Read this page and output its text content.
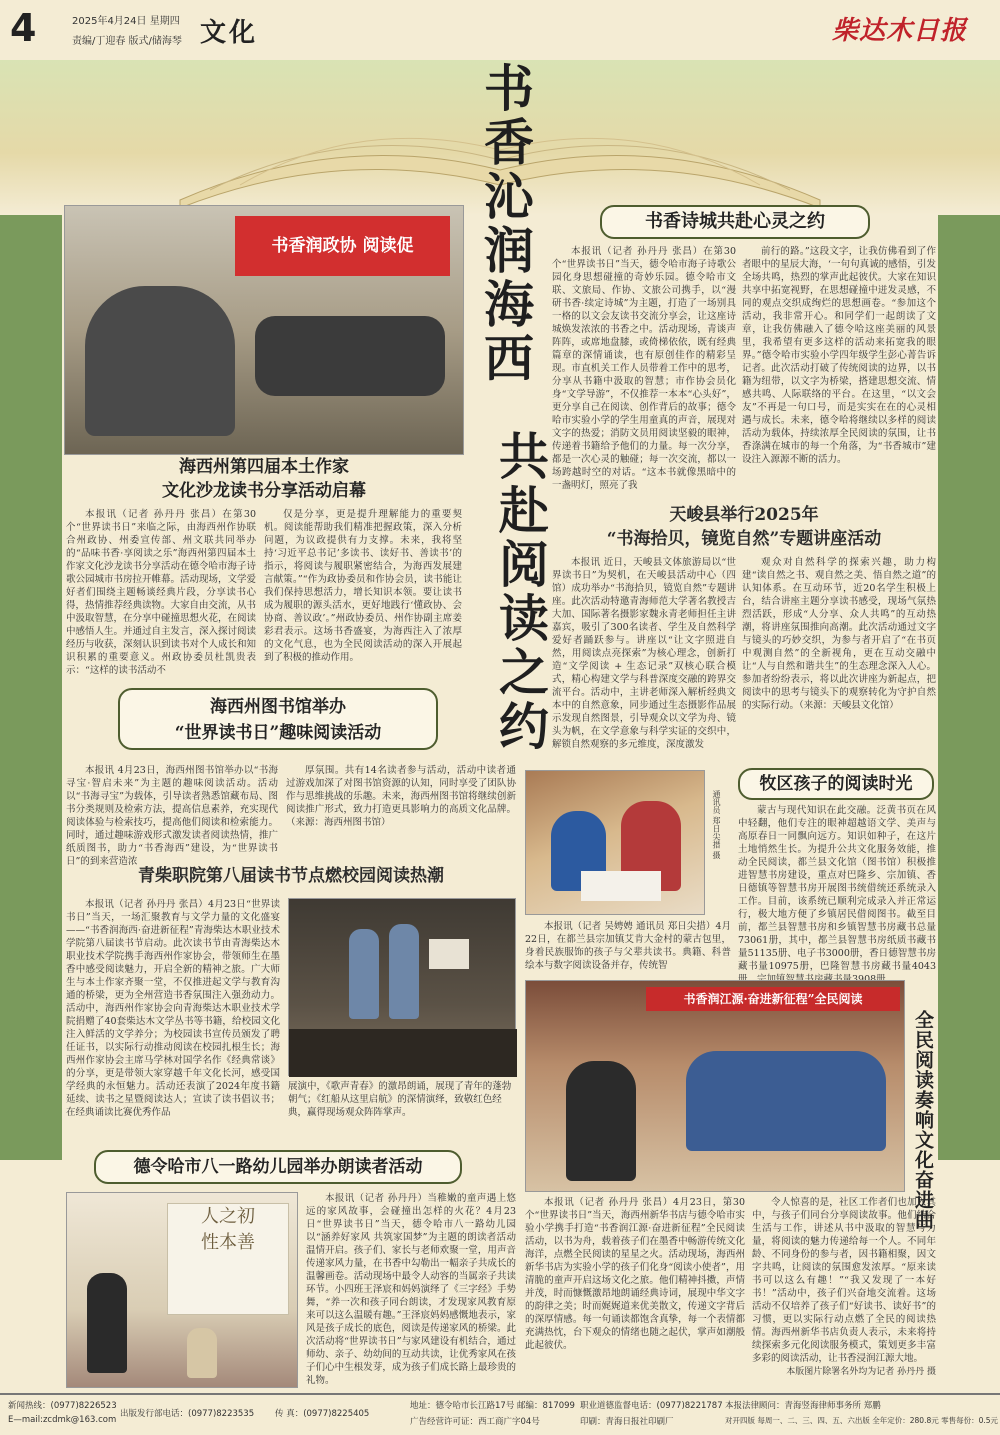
4	2025年4月24日 星期四
责编/丁迎春 版式/储海琴 文化	柴达木日报
书香沁润海西
共赴阅读之约
书香润政协 阅读促
海西州第四届本土作家
文化沙龙读书分享活动启幕

本报讯（记者 孙丹丹 张昌）在第30个“世界读书日”来临之际，由海西州作协联合州政协、州委宣传部、州文联共同举办的“品味书香·享阅读之乐”海西州第四届本土作家文化沙龙读书分享活动在德令哈市海子诗歌公园城市书房拉开帷幕。活动现场，文学爱好者们围绕主题畅谈经典片段，分享读书心得，热情推荐经典读物。大家自由交流，从书中汲取智慧，在分享中碰撞思想火花，在阅读中感悟人生。并通过自主发言，深入探讨阅读经历与收获，深刻认识到读书对个人成长和知识积累的重要意义。州政协委员杜凯贵表示：“这样的读书活动不

仅是分享，更是提升理解能力的重要契机。阅读能帮助我们精准把握政策，深入分析问题，为议政提供有力支撑。未来，我将坚持‘习近平总书记’多读书、读好书、善读书’的指示，将阅读与履职紧密结合，为海西发展建言献策。”“作为政协委员和作协会员，读书能让我们保持思想活力，增长知识本领。要让读书成为履职的源头活水，更好地践行‘懂政协、会协商、善议政’。”州政协委员、州作协副主席姜彩君表示。这场书香盛宴，为海西注入了浓厚的文化气息，也为全民阅读活动的深入开展起到了积极的推动作用。

书香诗城共赴心灵之约

本报讯（记者 孙丹丹 张昌）在第30个“世界读书日”当天，德令哈市海子诗歌公园化身思想碰撞的奇妙乐园。德令哈市文联、文旅局、作协、文旅公司携手，以“漫研书香·续定诗城”为主题，打造了一场别具一格的以文会友读书交流分享会，让这座诗城焕发浓浓的书香之中。活动现场，青谈声阵阵，或席地盘膝，或倚梯依依，既有经典篇章的深情诵读，也有原创佳作的精彩呈现。市直机关工作人员带着工作中的思考，分享从书籍中汲取的智慧；市作协会员化身“文学导游”，不仅推荐一本本“心头好”，更分享自己在阅读、创作背后的故事；德令哈市实验小学的学生用童真的声音，展现对文字的热爱；消防文员用阅读坚毅的眼神，传递着书籍给予他们的力量。每一次分享，都是一次心灵的触碰；每一次交流，都以一场跨越时空的对话。“这本书就像黑暗中的一盏明灯，照亮了我

前行的路。”这段文字，让我仿佛看到了作者眼中的星辰大海，‘一句句真诚的感悟，引发全场共鸣，热烈的掌声此起彼伏。大家在知识共享中拓宽视野，在思想碰撞中迸发灵感，不同的观点交织成绚烂的思想画卷。“参加这个活动，我非常开心。和同学们一起朗读了文章，让我仿佛融入了德令哈这座美丽的风景里，我希望有更多这样的活动来拓宽我的眼界。”德令哈市实验小学四年级学生彭心菁告诉记者。此次活动打破了传统阅读的边界，以书籍为纽带，以文字为桥梁，搭建思想交流、情感共鸣、人际联络的平台。在这里，“以文会友”不再是一句口号，而是实实在在的心灵相遇与成长。未来，德令哈将继续以多样的阅读活动为载体，持续浓厚全民阅读的氛围，让书香涤满在城市的每一个角落，为“书香城市”建设注入源源不断的活力。

天峻县举行2025年
“书海拾贝，镜览自然”专题讲座活动

本报讯 近日，天峻县文体旅游局以“世界读书日”为契机，在天峻县活动中心（四馆）成功举办“书海拾贝，镜览自然”专题讲座。此次活动特邀青海师范大学著名教授吉大加、国际著名摄影家魏永青老师担任主讲嘉宾，吸引了300名读者、学生及自然科学爱好者踊跃参与。讲座以“让文字照进自然，用阅读点亮探索”为核心理念，创新打造“文学阅读 + 生态记录”双核心联合模式，精心构建文学与科普深度交融的跨界交流平台。活动中，主讲老师深入解析经典文本中的自然意象，同步通过生态摄影作品展示发现自然图景，引导观众以文学为舟、镜头为帆，在文学意象与科学实证的交织中，解锁自然观察的多元维度，深度激发

观众对自然科学的探索兴趣，助力构建“读自然之书、观自然之美、悟自然之道”的认知体系。在互动环节，近20名学生积极上台，结合讲座主题分享读书感受，现场气氛热烈活跃，形成“人分享、众人共鸣”的互动热潮，将讲座氛围推向高潮。此次活动通过文字与镜头的巧妙交织，为参与者开启了“在书页中观测自然”的全新视角，更在互动交融中让“人与自然和谐共生”的生态理念深入人心。参加者纷纷表示，将以此次讲座为新起点，把阅读中的思考与镜头下的观察转化为守护自然的实际行动。（来源：天峻县文化馆）

海西州图书馆举办
“世界读书日”趣味阅读活动

本报讯 4月23日，海西州图书馆举办以“书海寻宝·智启未来”为主题的趣味阅读活动。活动以“书海寻宝”为载体，引导读者熟悉馆藏布局、图书分类规则及检索方法，提高信息素养，充实现代阅读体验与检索技巧，提高他们阅读和检索能力。同时，通过趣味游戏形式激发读者阅读热情，推广纸质图书，助力“书香海西”建设，为“世界读书日”的到来营造浓

厚氛围。共有14名读者参与活动，活动中读者通过游戏加深了对图书馆资源的认知，同时享受了团队协作与思维挑战的乐趣。未来，海西州图书馆将继续创新阅读推广形式，致力打造更具影响力的高质文化品牌。（来源：海西州图书馆）	通讯员 郑日尖措 摄
牧区孩子的阅读时光

蒙古与现代知识在此交融。泛黄书页在风中轻翻，他们专注的眼神超越语文学、美声与高原春日一同飘向远方。知识如种子，在这片土地悄然生长。为提升公共文化服务效能，推动全民阅读，都兰县文化馆（图书馆）积极推进智慧书房建设，重点对巴隆乡、宗加镇、香日德镇等智慧书房开展图书统借统还系统录入工作。目前，该系统已顺利完成录入并正常运行，极大地方便了乡镇居民借阅图书。截至目前，都兰县智慧书房和乡镇智慧书房藏书总量73061册，其中，都兰县智慧书房纸质书藏书量51135册、电子书3000册，香日德智慧书房藏书量10975册，巴隆智慧书房藏书量4043

本报讯（记者 吴娉娉 通讯员 郑日尖措）4月22日，在都兰县宗加镇艾肯大金村的蒙古包里，身着民族服饰的孩子与父辈共读书。典籍、科普绘本与数字阅读设备并存，传统智

青柴职院第八届读书节点燃校园阅读热潮

本报讯（记者 孙丹丹 张昌）4月23日“世界读书日”当天，一场汇聚教育与文学力量的文化盛宴——“书香润海西·奋进新征程”青海柴达木职业技术学院第八届读书节启动。此次读书节由青海柴达木职业技术学院携手海西州作家协会，带领师生在墨香中感受阅读魅力，开启全新的精神之旅。广大师生与本土作家齐聚一堂，不仅推进起文学与教育沟通的桥梁，更为全州营造书香氛围注入强劲动力。活动中，海西州作家协会向青海柴达木职业技术学院捐赠了40套柴达木文学丛书等书籍，给校园文化注入鲜活的文学养分；为校园读书宣传员颁发了聘任证书，以实际行动推动阅读在校园扎根生长；海西州作家协会主席马学林对国学名作《经典常谈》的分享，更是带领大家穿越千年文化长河，感受国学经典的永恒魅力。活动还表演了2024年度书籍延续、读书之星暨阅读达人；宣读了读书倡议书；在经典诵读比赛优秀作品

展演中，《歌声青春》的激昂朗诵，展现了青年的蓬勃朝气；《红船从这里启航》的深情演绎，致敬红色经典，赢得现场观众阵阵掌声。
德令哈市八一路幼儿园举办朗读者活动
人之初
性本善

本报讯（记者 孙丹丹）当稚嫩的童声遇上悠远的家风故事，会碰撞出怎样的火花？4月23日“世界读书日”当天，德令哈市八一路幼儿园以“涵养好家风 共筑家国梦”为主题的朗读者活动温情开启。孩子们、家长与老师欢聚一堂，用声音传递家风力量，在书香中勾勒出一幅亲子共成长的温馨画卷。活动现场中最令人动容的当属亲子共读环节。小四班王泽宸和妈妈演绎了《三字经》手势舞，“养一次和孩子同台朗读，才发现家风教育原来可以这么温暖有趣。”王泽宸妈妈感慨地表示，家风是孩子成长的底色，阅读是传递家风的桥梁。此次活动将“世界读书日”与家风建设有机结合，通过师幼、亲子、幼幼间的互动共读，让优秀家风在孩子们心中生根发芽，成为孩子们成长路上最珍贵的礼物。

书香润江源·奋进新征程”全民阅读
全民阅读奏响文化奋进曲

本报讯（记者 孙丹丹 张昌）4月23日，第30个“世界读书日”当天，海西州新华书店与德令哈市实验小学携手打造“书香润江源·奋进新征程”全民阅读活动，以书为舟，载着孩子们在墨香中畅游传统文化海洋，点燃全民阅读的星星之火。活动现场，海西州新华书店为实验小学的孩子们化身“阅读小使者”，用清脆的童声开启这场文化之旅。他们精神抖擞，声情并茂，时而慷慨激昂地朗诵经典诗词，展现中华文字的韵律之美；时而娓娓道来优美散文，传递文字背后的深厚情感。每一句诵读都饱含真挚，每一个表情都充满热忱，台下观众的情绪也随之起伏，掌声如潮般此起彼伏。

令人惊喜的是，社区工作者们也加入其中，与孩子们同台分享阅读故事。他们结合生活与工作，讲述从书中汲取的智慧与力量，将阅读的魅力传递给每一个人。不同年龄、不同身份的参与者，因书籍相聚，因文字共鸣，让阅读的氛围愈发浓厚。“原来读书可以这么有趣！”“我又发现了一本好书！”活动中，孩子们兴奋地交流着。这场活动不仅培养了孩子们“好读书、读好书”的习惯，更以实际行动点燃了全民的阅读热情。海西州新华书店负责人表示，未来将持续探索多元化阅读服务模式，策划更多丰富多彩的阅读活动，让书香浸润江源大地。

本版图片除署名外均为记者 孙丹丹 摄
新闻热线：(0977)8226523
E—mail:zcdmk@163.com
出版发行部电话：(0977)8223535 传 真：(0977)8225405
地址：德令哈市长江路17号 邮编：817099
广告经营许可证：西工商广字04号
职业道德监督电话：(0977)8221787
印刷：青海日报社印刷厂
本报法律顾问：青海竖海律师事务所 郑鹏
对开四版 每周一、二、三、四、五、六出版 全年定价：280.8元 零售每份：0.5元
